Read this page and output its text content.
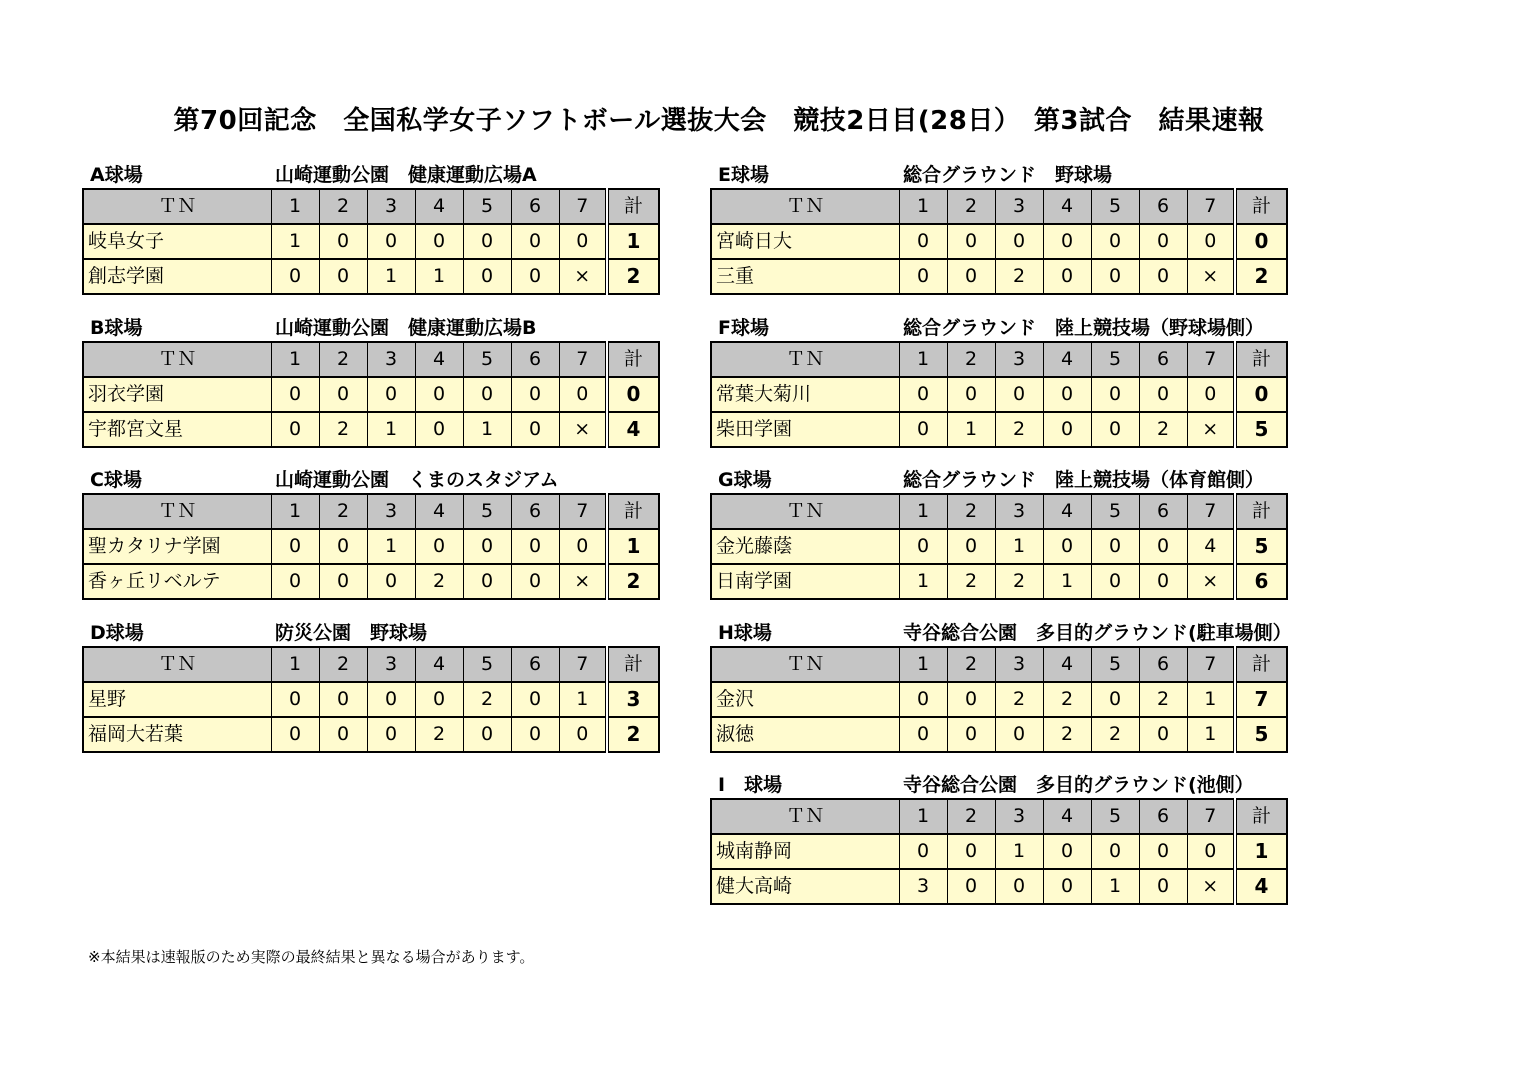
第70回記念　全国私学女子ソフトボール選抜大会　競技2日目(28日）　第3試合　結果速報
A球場	山崎運動公園　健康運動広場A
ＴＮ	1	2	3	4	5	6	7	計
岐阜女子	1	0	0	0	0	0	0	1
創志学園	0	0	1	1	0	0	×	2
B球場	山崎運動公園　健康運動広場B
ＴＮ	1	2	3	4	5	6	7	計
羽衣学園	0	0	0	0	0	0	0	0
宇都宮文星	0	2	1	0	1	0	×	4
C球場	山崎運動公園　くまのスタジアム
ＴＮ	1	2	3	4	5	6	7	計
聖カタリナ学園	0	0	1	0	0	0	0	1
香ヶ丘リベルテ	0	0	0	2	0	0	×	2
D球場	防災公園　野球場
ＴＮ	1	2	3	4	5	6	7	計
星野	0	0	0	0	2	0	1	3
福岡大若葉	0	0	0	2	0	0	0	2
E球場	総合グラウンド　野球場
ＴＮ	1	2	3	4	5	6	7	計
宮崎日大	0	0	0	0	0	0	0	0
三重	0	0	2	0	0	0	×	2
F球場	総合グラウンド　陸上競技場（野球場側）
ＴＮ	1	2	3	4	5	6	7	計
常葉大菊川	0	0	0	0	0	0	0	0
柴田学園	0	1	2	0	0	2	×	5
G球場	総合グラウンド　陸上競技場（体育館側）
ＴＮ	1	2	3	4	5	6	7	計
金光藤蔭	0	0	1	0	0	0	4	5
日南学園	1	2	2	1	0	0	×	6
H球場	寺谷総合公園　多目的グラウンド(駐車場側）
ＴＮ	1	2	3	4	5	6	7	計
金沢	0	0	2	2	0	2	1	7
淑徳	0	0	0	2	2	0	1	5
I　球場	寺谷総合公園　多目的グラウンド(池側）
ＴＮ	1	2	3	4	5	6	7	計
城南静岡	0	0	1	0	0	0	0	1
健大高崎	3	0	0	0	1	0	×	4
※本結果は速報版のため実際の最終結果と異なる場合があります。
